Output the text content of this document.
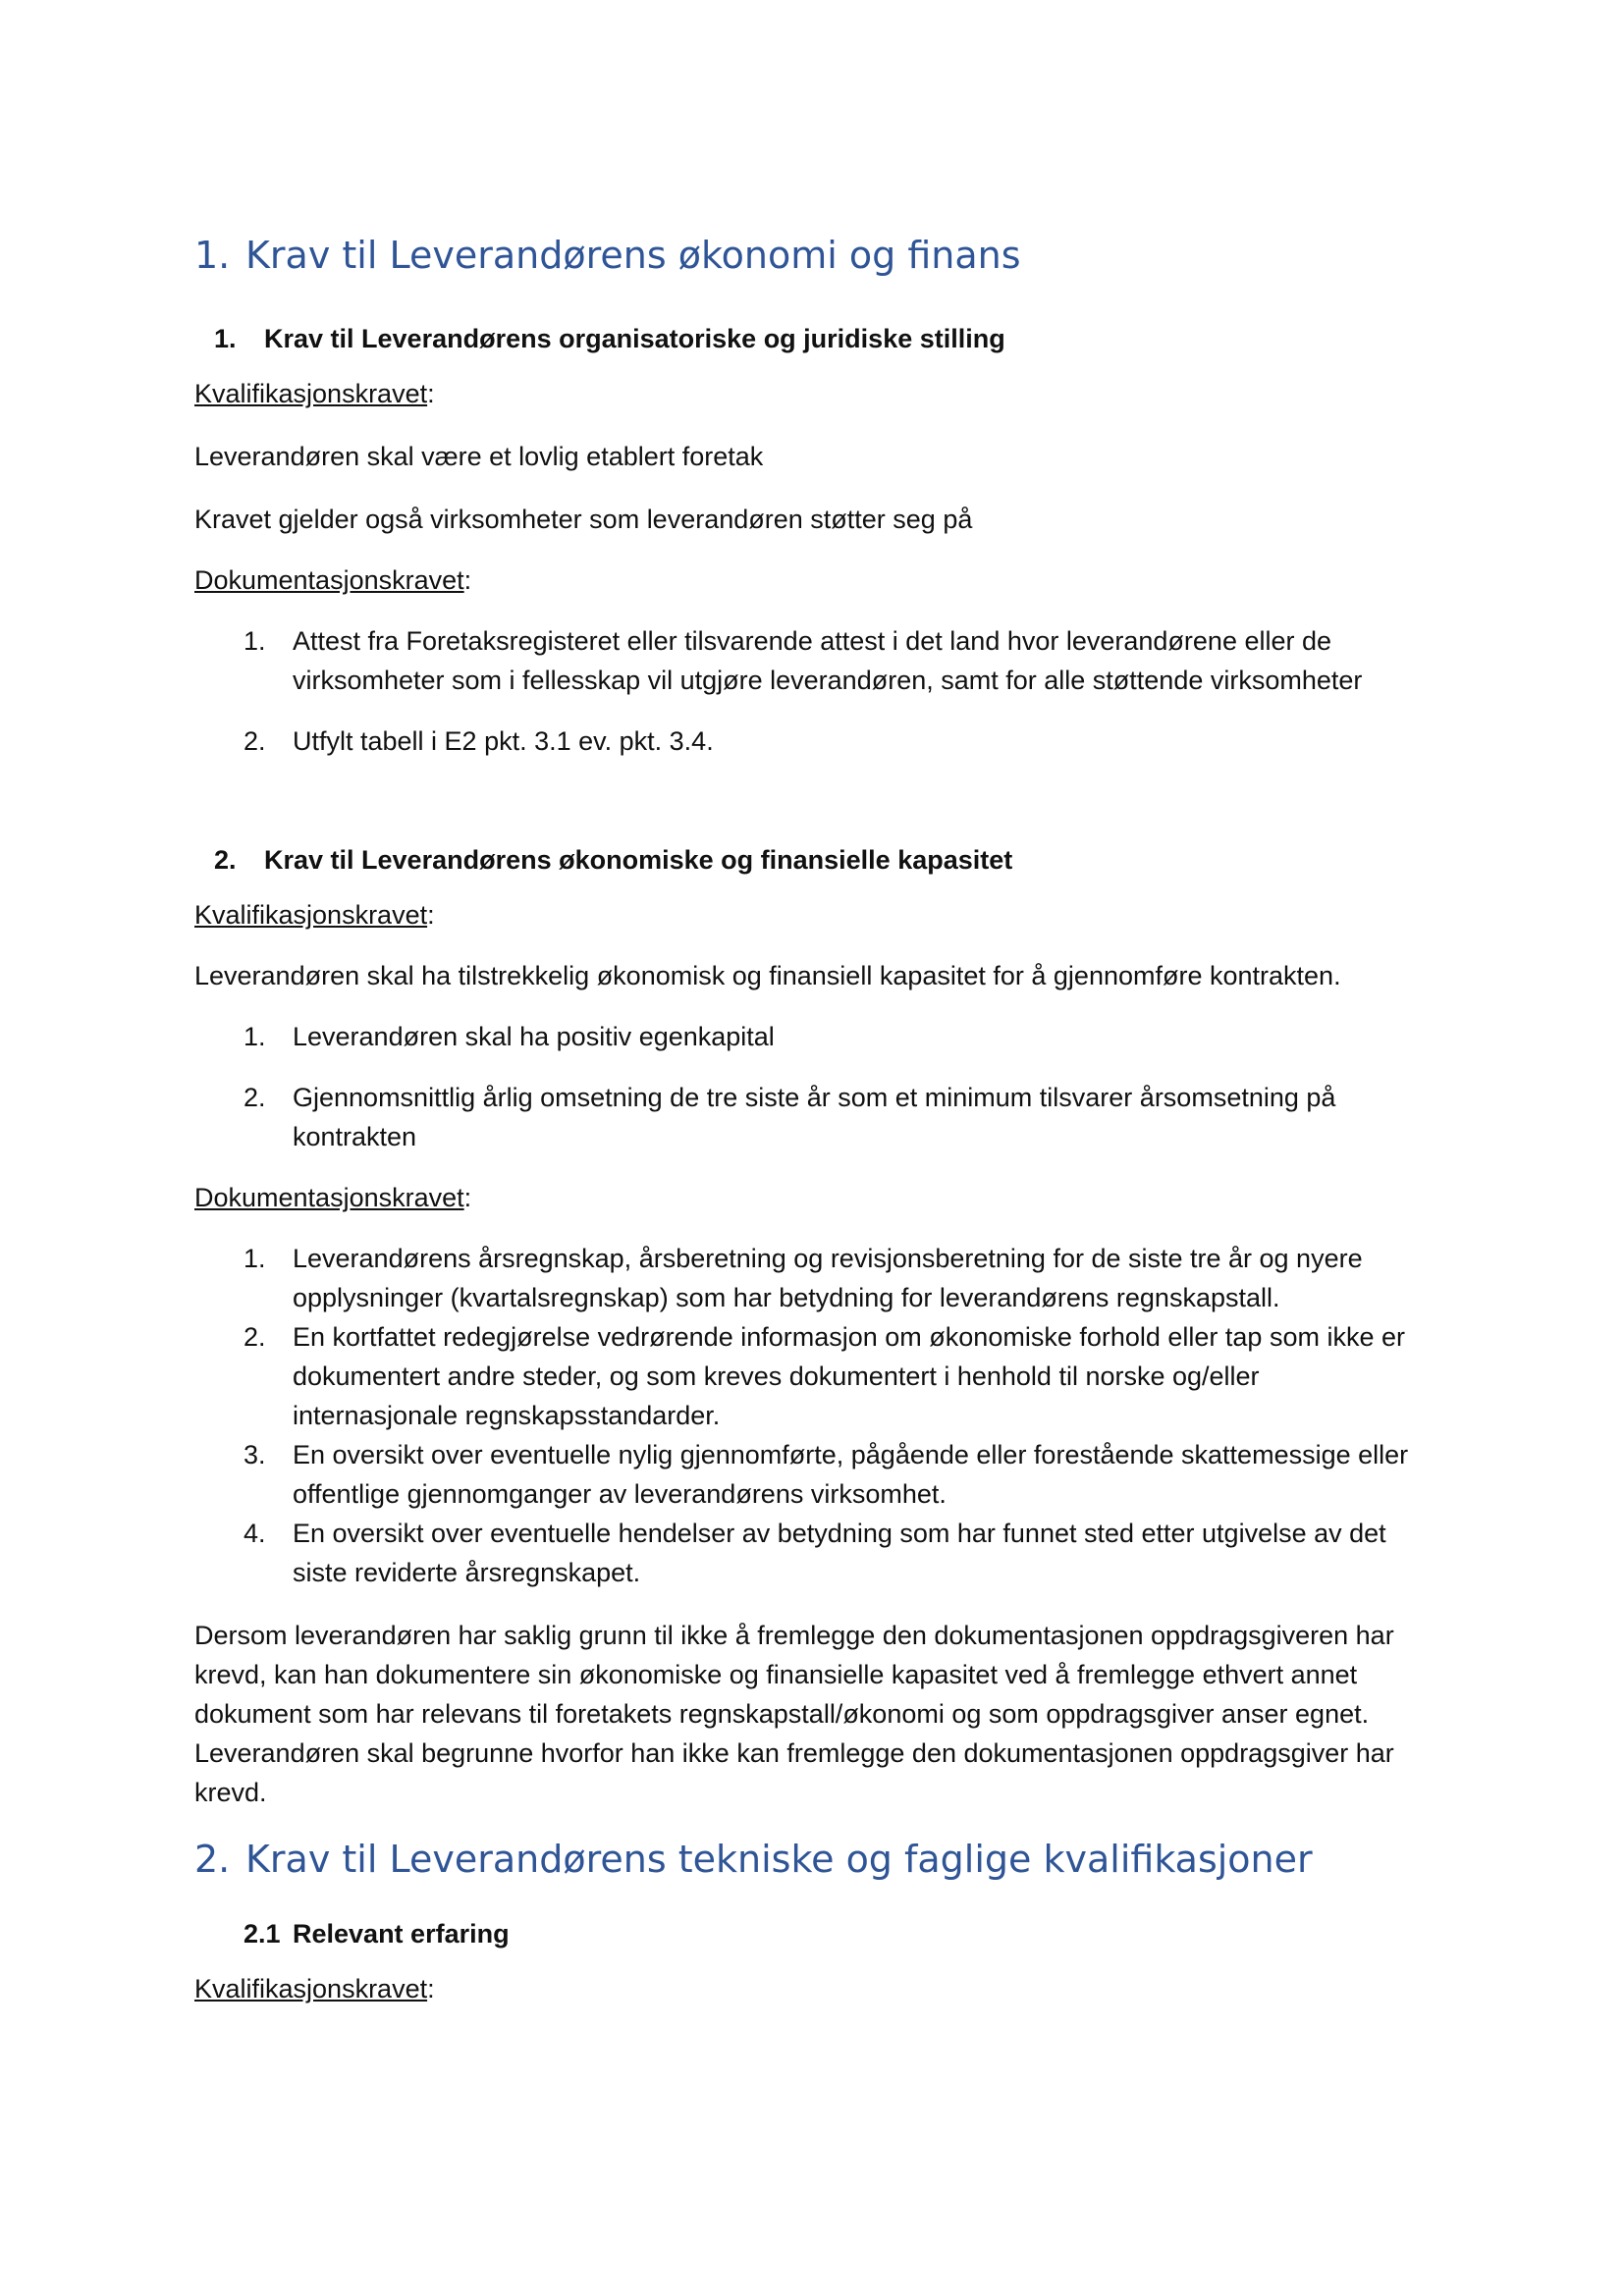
1. Krav til Leverandørens økonomi og finans
1.	Krav til Leverandørens organisatoriske og juridiske stilling

Kvalifikasjonskravet:

Leverandøren skal være et lovlig etablert foretak

Kravet gjelder også virksomheter som leverandøren støtter seg på

Dokumentasjonskravet:

1.	Attest fra Foretaksregisteret eller tilsvarende attest i det land hvor leverandørene eller de virksomheter som i fellesskap vil utgjøre leverandøren, samt for alle støttende virksomheter
2.	Utfylt tabell i E2 pkt. 3.1 ev. pkt. 3.4.
2.	Krav til Leverandørens økonomiske og finansielle kapasitet

Kvalifikasjonskravet:

Leverandøren skal ha tilstrekkelig økonomisk og finansiell kapasitet for å gjennomføre kontrakten.

1.	Leverandøren skal ha positiv egenkapital
2.	Gjennomsnittlig årlig omsetning de tre siste år som et minimum tilsvarer årsomsetning på kontrakten

Dokumentasjonskravet:

1.	Leverandørens årsregnskap, årsberetning og revisjonsberetning for de siste tre år og nyere opplysninger (kvartalsregnskap) som har betydning for leverandørens regnskapstall.
2.	En kortfattet redegjørelse vedrørende informasjon om økonomiske forhold eller tap som ikke er dokumentert andre steder, og som kreves dokumentert i henhold til norske og/eller internasjonale regnskapsstandarder.
3.	En oversikt over eventuelle nylig gjennomførte, pågående eller forestående skattemessige eller offentlige gjennomganger av leverandørens virksomhet.
4.	En oversikt over eventuelle hendelser av betydning som har funnet sted etter utgivelse av det siste reviderte årsregnskapet.

Dersom leverandøren har saklig grunn til ikke å fremlegge den dokumentasjonen oppdragsgiveren har krevd, kan han dokumentere sin økonomiske og finansielle kapasitet ved å fremlegge ethvert annet dokument som har relevans til foretakets regnskapstall/økonomi og som oppdragsgiver anser egnet. Leverandøren skal begrunne hvorfor han ikke kan fremlegge den dokumentasjonen oppdragsgiver har krevd.

2. Krav til Leverandørens tekniske og faglige kvalifikasjoner
2.1 Relevant erfaring

Kvalifikasjonskravet:
